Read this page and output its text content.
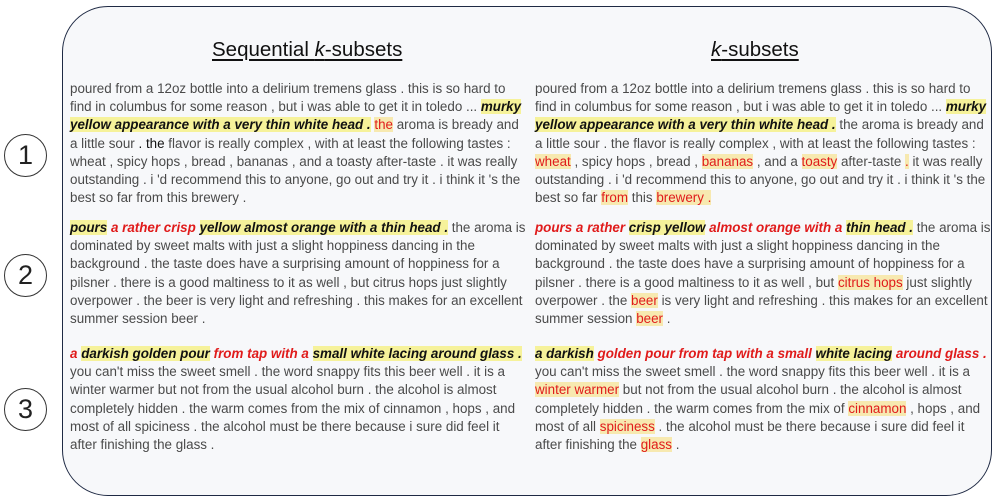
Sequential k-subsets	k-subsets
1
2
3

poured from a 12oz bottle into a delirium tremens glass . this is so hard to find in columbus for some reason , but i was able to get it in toledo ... murky yellow appearance with a very thin white head . the aroma is bready and a little sour . the flavor is really complex , with at least the following tastes : wheat , spicy hops , bread , bananas , and a toasty after-taste . it was really outstanding . i 'd recommend this to anyone, go out and try it . i think it 's the best so far from this brewery .

poured from a 12oz bottle into a delirium tremens glass . this is so hard to find in columbus for some reason , but i was able to get it in toledo ... murky yellow appearance with a very thin white head . the aroma is bready and a little sour . the flavor is really complex , with at least the following tastes : wheat , spicy hops , bread , bananas , and a toasty after-taste . it was really outstanding . i 'd recommend this to anyone, go out and try it . i think it 's the best so far from this brewery .

pours a rather crisp yellow almost orange with a thin head . the aroma is dominated by sweet malts with just a slight hoppiness dancing in the background . the taste does have a surprising amount of hoppiness for a pilsner . there is a good maltiness to it as well , but citrus hops just slightly overpower . the beer is very light and refreshing . this makes for an excellent summer session beer .

pours a rather crisp yellow almost orange with a thin head . the aroma is dominated by sweet malts with just a slight hoppiness dancing in the background . the taste does have a surprising amount of hoppiness for a pilsner . there is a good maltiness to it as well , but citrus hops just slightly overpower . the beer is very light and refreshing . this makes for an excellent summer session beer .

a darkish golden pour from tap with a small white lacing around glass . you can't miss the sweet smell . the word snappy fits this beer well . it is a winter warmer but not from the usual alcohol burn . the alcohol is almost completely hidden . the warm comes from the mix of cinnamon , hops , and most of all spiciness . the alcohol must be there because i sure did feel it after finishing the glass .

a darkish golden pour from tap with a small white lacing around glass . you can't miss the sweet smell . the word snappy fits this beer well . it is a winter warmer but not from the usual alcohol burn . the alcohol is almost completely hidden . the warm comes from the mix of cinnamon , hops , and most of all spiciness . the alcohol must be there because i sure did feel it after finishing the glass .
